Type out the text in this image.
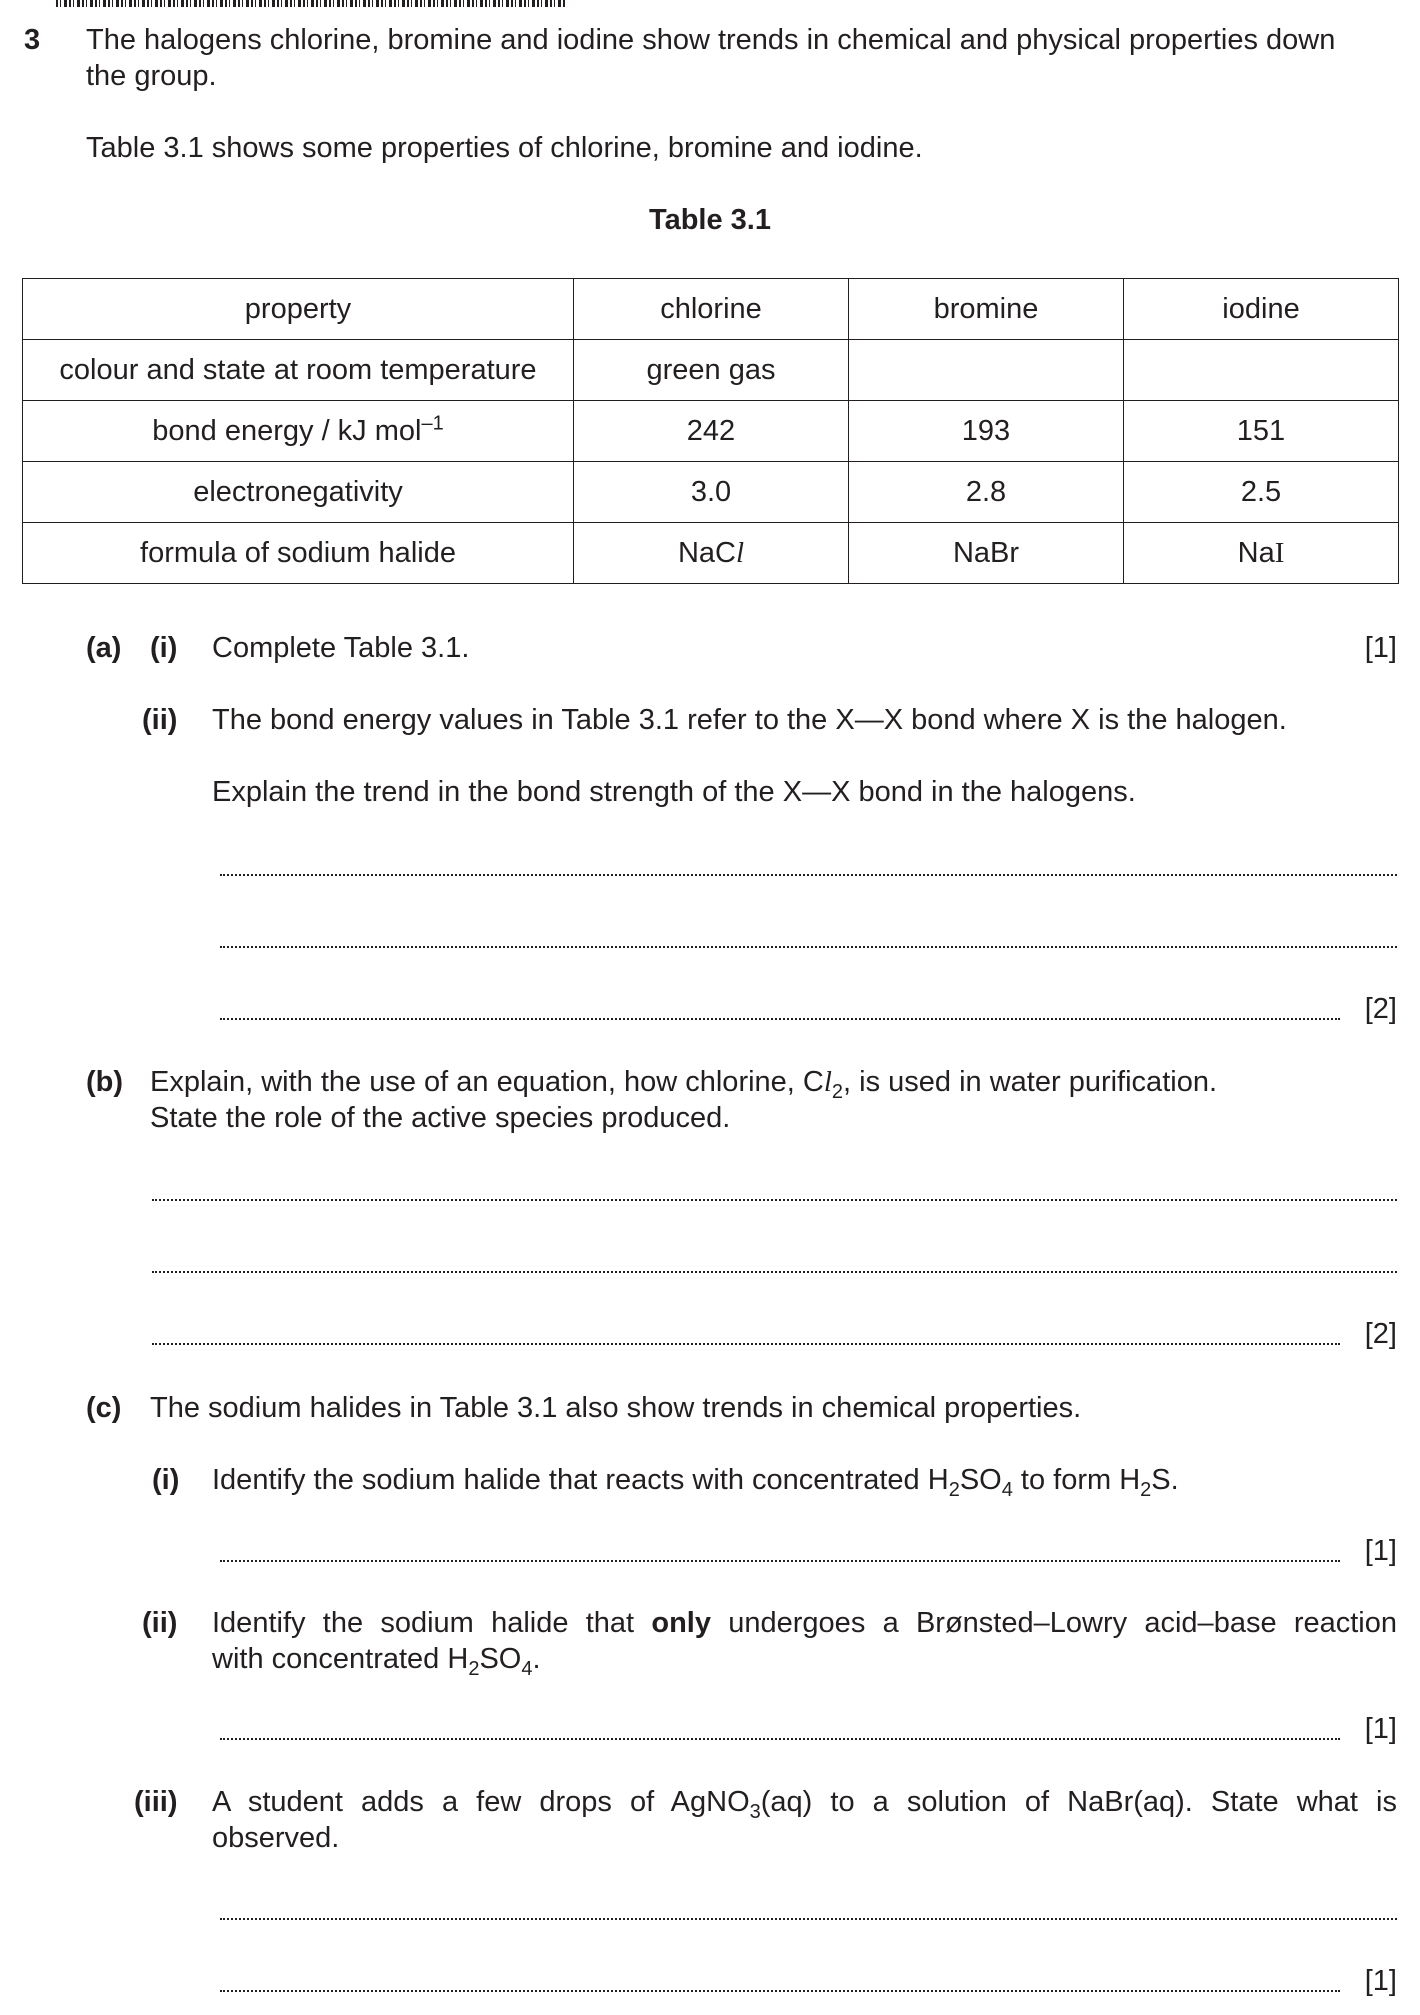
3 The halogens chlorine, bromine and iodine show trends in chemical and physical properties down
the group.
Table 3.1 shows some properties of chlorine, bromine and iodine.
Table 3.1
property	chlorine	bromine	iodine
colour and state at room temperature	green gas		
bond energy / kJ mol$^{-1}$	242	193	151
electronegativity	3.0	2.8	2.5
formula of sodium halide	NaCl	NaBr	NaI
(a) (i) Complete Table 3.1.	[1]
(ii) The bond energy values in Table 3.1 refer to the X—X bond where X is the halogen.
Explain the trend in the bond strength of the X—X bond in the halogens.
[2]
(b) Explain, with the use of an equation, how chlorine, $Cl_2$, is used in water purification.
State the role of the active species produced.
[2]
(c) The sodium halides in Table 3.1 also show trends in chemical properties.
(i) Identify the sodium halide that reacts with concentrated $H_2SO_4$ to form $H_2S$.
[1]
(ii) Identify the sodium halide that only undergoes a Brønsted–Lowry acid–base reaction
with concentrated $H_2SO_4$.
[1]
(iii) A student adds a few drops of AgNO$_3$(aq) to a solution of NaBr(aq). State what is
observed.
[1]
